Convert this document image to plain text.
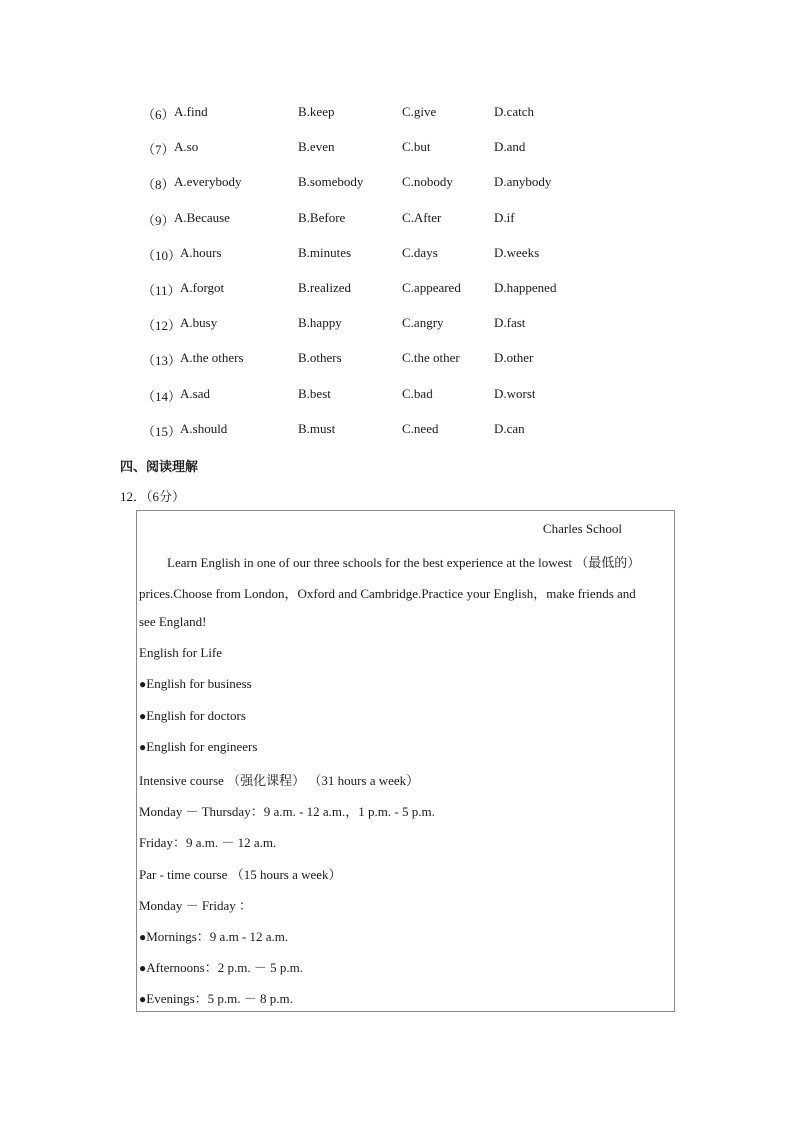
（6） A.find	B.keep	C.give	D.catch
（7） A.so	B.even	C.but	D.and
（8） A.everybody	B.somebody	C.nobody	D.anybody
（9） A.Because	B.Before	C.After	D.if
（10）
A.hours	B.minutes	C.days	D.weeks
（11） A.forgot	B.realized	C.appeared	D.happened
（12）
A.busy	B.happy	C.angry	D.fast
（13）
A.the others	B.others	C.the other	D.other
（14）
A.sad	B.best	C.bad	D.worst
（15）
A.should	B.must	C.need	D.can
四、阅读理解
12．（6分）
Charles School
Learn English in one of our three schools for the best experience at the lowest （最低的）
prices.Choose from London，Oxford and Cambridge.Practice your English，make friends and
see England!
English for Life
●English for business
●English for doctors
●English for engineers
Intensive course （强化课程） （31 hours a week）
Monday － Thursday：9 a.m. - 12 a.m.，1 p.m. - 5 p.m.
Friday：9 a.m. － 12 a.m.
Par - time course （15 hours a week）
Monday － Friday ：
●Mornings：9 a.m - 12 a.m.
●Afternoons：2 p.m. － 5 p.m.
●Evenings：5 p.m. － 8 p.m.
